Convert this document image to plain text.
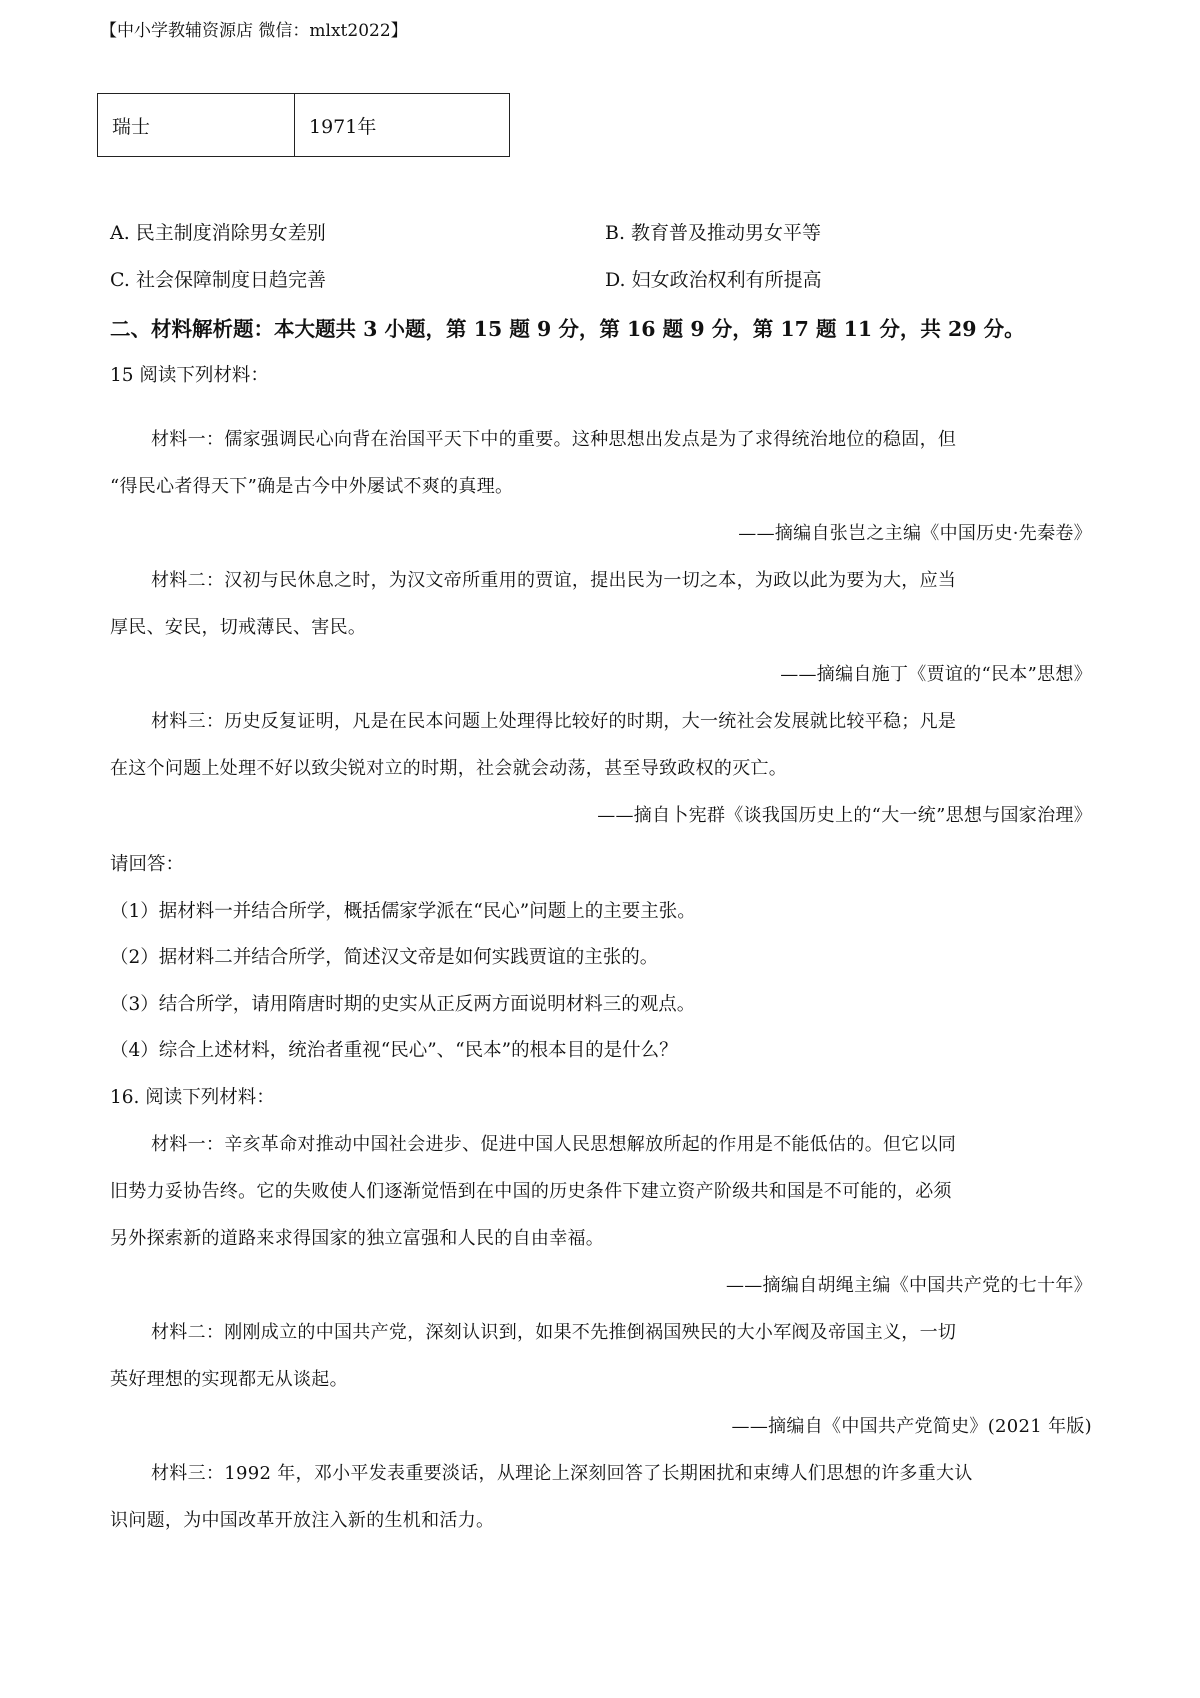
【中小学教辅资源店 微信：mlxt2022】
瑞士	1971年
A. 民主制度消除男女差别	B. 教育普及推动男女平等
C. 社会保障制度日趋完善	D. 妇女政治权利有所提高
二、材料解析题：本大题共 3 小题，第 15 题 9 分，第 16 题 9 分，第 17 题 11 分，共 29 分。
15 阅读下列材料：
材料一：儒家强调民心向背在治国平天下中的重要。这种思想出发点是为了求得统治地位的稳固，但
“得民心者得天下”确是古今中外屡试不爽的真理。
——摘编自张岂之主编《中国历史·先秦卷》
材料二：汉初与民休息之时，为汉文帝所重用的贾谊，提出民为一切之本，为政以此为要为大，应当
厚民、安民，切戒薄民、害民。
——摘编自施丁《贾谊的“民本”思想》
材料三：历史反复证明，凡是在民本问题上处理得比较好的时期，大一统社会发展就比较平稳；凡是
在这个问题上处理不好以致尖锐对立的时期，社会就会动荡，甚至导致政权的灭亡。
——摘自卜宪群《谈我国历史上的“大一统”思想与国家治理》
请回答：
（1）据材料一并结合所学，概括儒家学派在“民心”问题上的主要主张。
（2）据材料二并结合所学，简述汉文帝是如何实践贾谊的主张的。
（3）结合所学，请用隋唐时期的史实从正反两方面说明材料三的观点。
（4）综合上述材料，统治者重视“民心”、“民本”的根本目的是什么？
16. 阅读下列材料：
材料一：辛亥革命对推动中国社会进步、促进中国人民思想解放所起的作用是不能低估的。但它以同
旧势力妥协告终。它的失败使人们逐渐觉悟到在中国的历史条件下建立资产阶级共和国是不可能的，必须
另外探索新的道路来求得国家的独立富强和人民的自由幸福。
——摘编自胡绳主编《中国共产党的七十年》
材料二：刚刚成立的中国共产党，深刻认识到，如果不先推倒祸国殃民的大小军阀及帝国主义，一切
英好理想的实现都无从谈起。
——摘编自《中国共产党简史》(2021 年版)
材料三：1992 年，邓小平发表重要淡话，从理论上深刻回答了长期困扰和束缚人们思想的许多重大认
识问题，为中国改革开放注入新的生机和活力。
